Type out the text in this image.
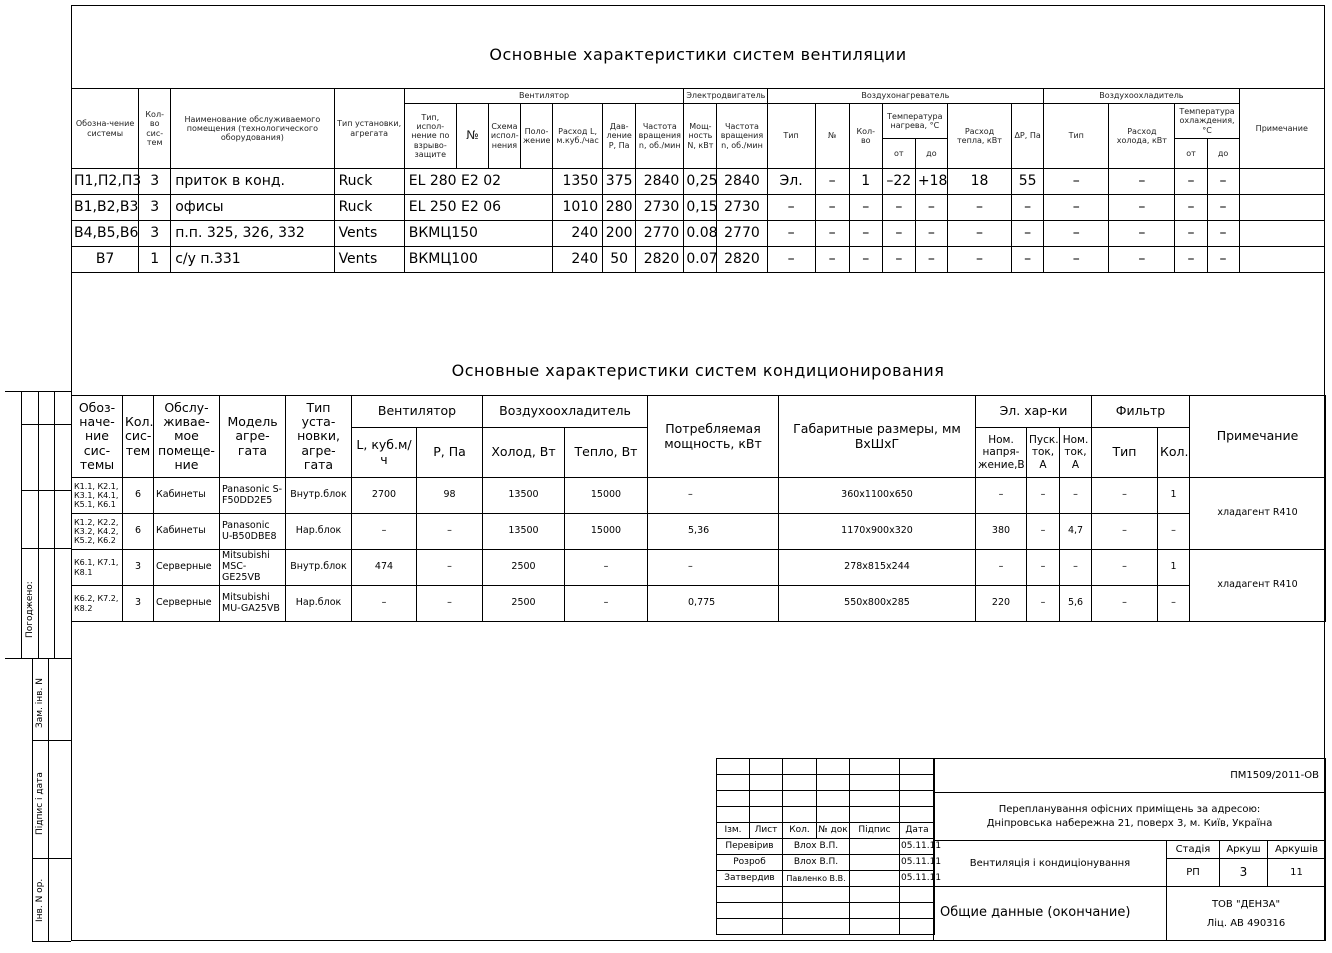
Основные характеристики систем вентиляции
Обозна-чение системы	Кол-во сис-тем	Наименование обслуживаемого помещения (технологического оборудования)	Тип установки, агрегата	Вентилятор							Электродвигатель		Воздухонагреватель							Воздухоохладитель				Примечание
				Тип, испол-нение по взрыво-защите	№	Схема испол-нения	Поло-жение	Расход L, м.куб./час	Дав-ление P, Па	Частота вращения n, об./мин	Мощ-ность N, кВт	Частота вращения n, об./мин	Тип	№	Кол-во	Температура нагрева, °С		Расход тепла, кВт	ΔP, Па	Тип	Расход холода, кВт	Температура охлаждения, °С		
																от	до					от	до	
П1,П2,П3	3	приток в конд.	Ruck	EL 280 E2 02				1350	375	2840	0,25	2840	Эл.	–	1	–22	+18	18	55	–	–	–	–	
В1,В2,В3	3	офисы	Ruck	EL 250 E2 06				1010	280	2730	0,15	2730	–	–	–	–	–	–	–	–	–	–	–	
В4,В5,В6	3	п.п. 325, 326, 332	Vents	ВКМЦ150				240	200	2770	0.08	2770	–	–	–	–	–	–	–	–	–	–	–	
В7	1	с/у п.331	Vents	ВКМЦ100				240	50	2820	0.07	2820	–	–	–	–	–	–	–	–	–	–	–	
Основные характеристики систем кондиционирования
Обоз-наче-ние сис-темы	Кол. сис-тем	Обслу-живае-мое помеще-ние	Модель агре-гата	Тип уста-новки, агре-гата	Вентилятор		Воздухоохладитель		Потребляемая мощность, кВт	Габаритные размеры, мм ВхШхГ	Эл. хар-ки			Фильтр		Примечание
					L, куб.м/ч	P, Па	Холод, Вт	Тепло, Вт			Ном. напря-жение,В	Пуск. ток, А	Ном. ток, А	Тип	Кол.	
К1.1, К2.1, К3.1, К4.1, К5.1, К6.1	6	Кабинеты	Panasonic S-F50DD2E5	Внутр.блок	2700	98	13500	15000	–	360x1100x650	–	–	–	–	1	хладагент R410
К1.2, К2.2, К3.2, К4.2, К5.2, К6.2	6	Кабинеты	Panasonic U-B50DBE8	Нар.блок	–	–	13500	15000	5,36	1170x900x320	380	–	4,7	–	–	
К6.1, К7.1, К8.1	3	Серверные	Mitsubishi MSC-GE25VB	Внутр.блок	474	–	2500	–	–	278x815x244	–	–	–	–	1	хладагент R410
К6.2, К7.2, К8.2	3	Серверные	Mitsubishi MU-GA25VB	Нар.блок	–	–	2500	–	0,775	550x800x285	220	–	5,6	–	–	
Погоджено:
Зам. інв. N
Підпис і дата
Інв. N ор.

Ізм.	Лист	Кол.	№ док	Підпис	Дата
Перевірив		Влох В.П.			05.11.11
Розроб		Влох В.П.			05.11.11
Затвердив		Павленко В.В.			05.11.11

ПМ1509/2011-ОВ			

Перепланування офісних приміщень за адресою:
Дніпровська набережна 21, поверх 3, м. Київ, Україна			

Вентиляція і кондиціонування	Стадія	Аркуш	Аркушів
	РП	3	11
Общие данные (окончание)	ТОВ "ДЕНЗА"
Ліц. АВ 490316		
